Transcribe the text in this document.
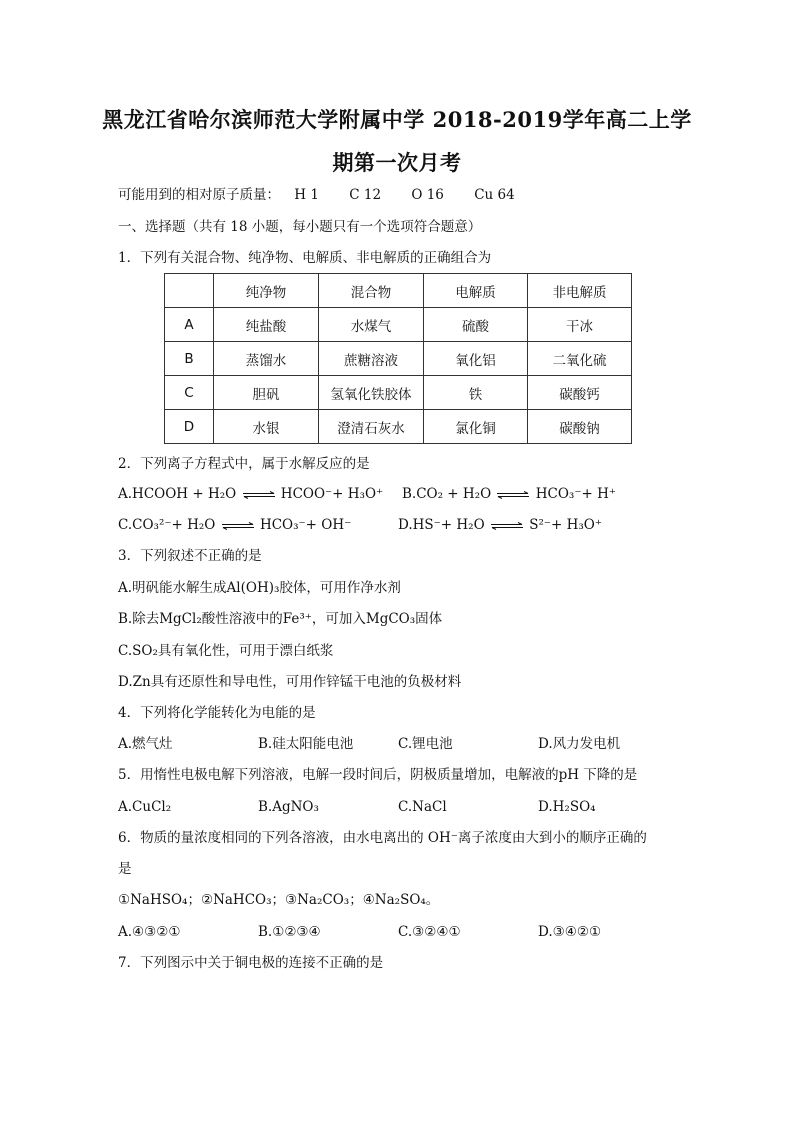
黑龙江省哈尔滨师范大学附属中学 2018-2019学年高二上学
期第一次月考
可能用到的相对原子质量： H 1 C 12 O 16 Cu 64
一、选择题（共有 18 小题，每小题只有一个选项符合题意）
1．下列有关混合物、纯净物、电解质、非电解质的正确组合为
	纯净物	混合物	电解质	非电解质
A	纯盐酸	水煤气	硫酸	干冰
B	蒸馏水	蔗糖溶液	氧化铝	二氧化硫
C	胆矾	氢氧化铁胶体	铁	碳酸钙
D	水银	澄清石灰水	氯化铜	碳酸钠
2．下列离子方程式中，属于水解反应的是
A.HCOOH + H₂O ⇌ HCOO⁻+ H₃O⁺ B.CO₂ + H₂O ⇌ HCO₃⁻+ H⁺
C.CO₃²⁻+ H₂O ⇌ HCO₃⁻+ OH⁻	D.HS⁻+ H₂O ⇌ S²⁻+ H₃O⁺
3．下列叙述不正确的是
A.明矾能水解生成Al(OH)₃胶体，可用作净水剂
B.除去MgCl₂酸性溶液中的Fe³⁺，可加入MgCO₃固体
C.SO₂具有氧化性，可用于漂白纸浆
D.Zn具有还原性和导电性，可用作锌锰干电池的负极材料
4．下列将化学能转化为电能的是
A.燃气灶	B.硅太阳能电池	C.锂电池	D.风力发电机
5．用惰性电极电解下列溶液，电解一段时间后，阴极质量增加，电解液的pH 下降的是
A.CuCl₂	B.AgNO₃	C.NaCl	D.H₂SO₄
6．物质的量浓度相同的下列各溶液，由水电离出的 OH⁻离子浓度由大到小的顺序正确的
是
①NaHSO₄；②NaHCO₃；③Na₂CO₃；④Na₂SO₄。
A.④③②①	B.①②③④	C.③②④①	D.③④②①
7．下列图示中关于铜电极的连接不正确的是
